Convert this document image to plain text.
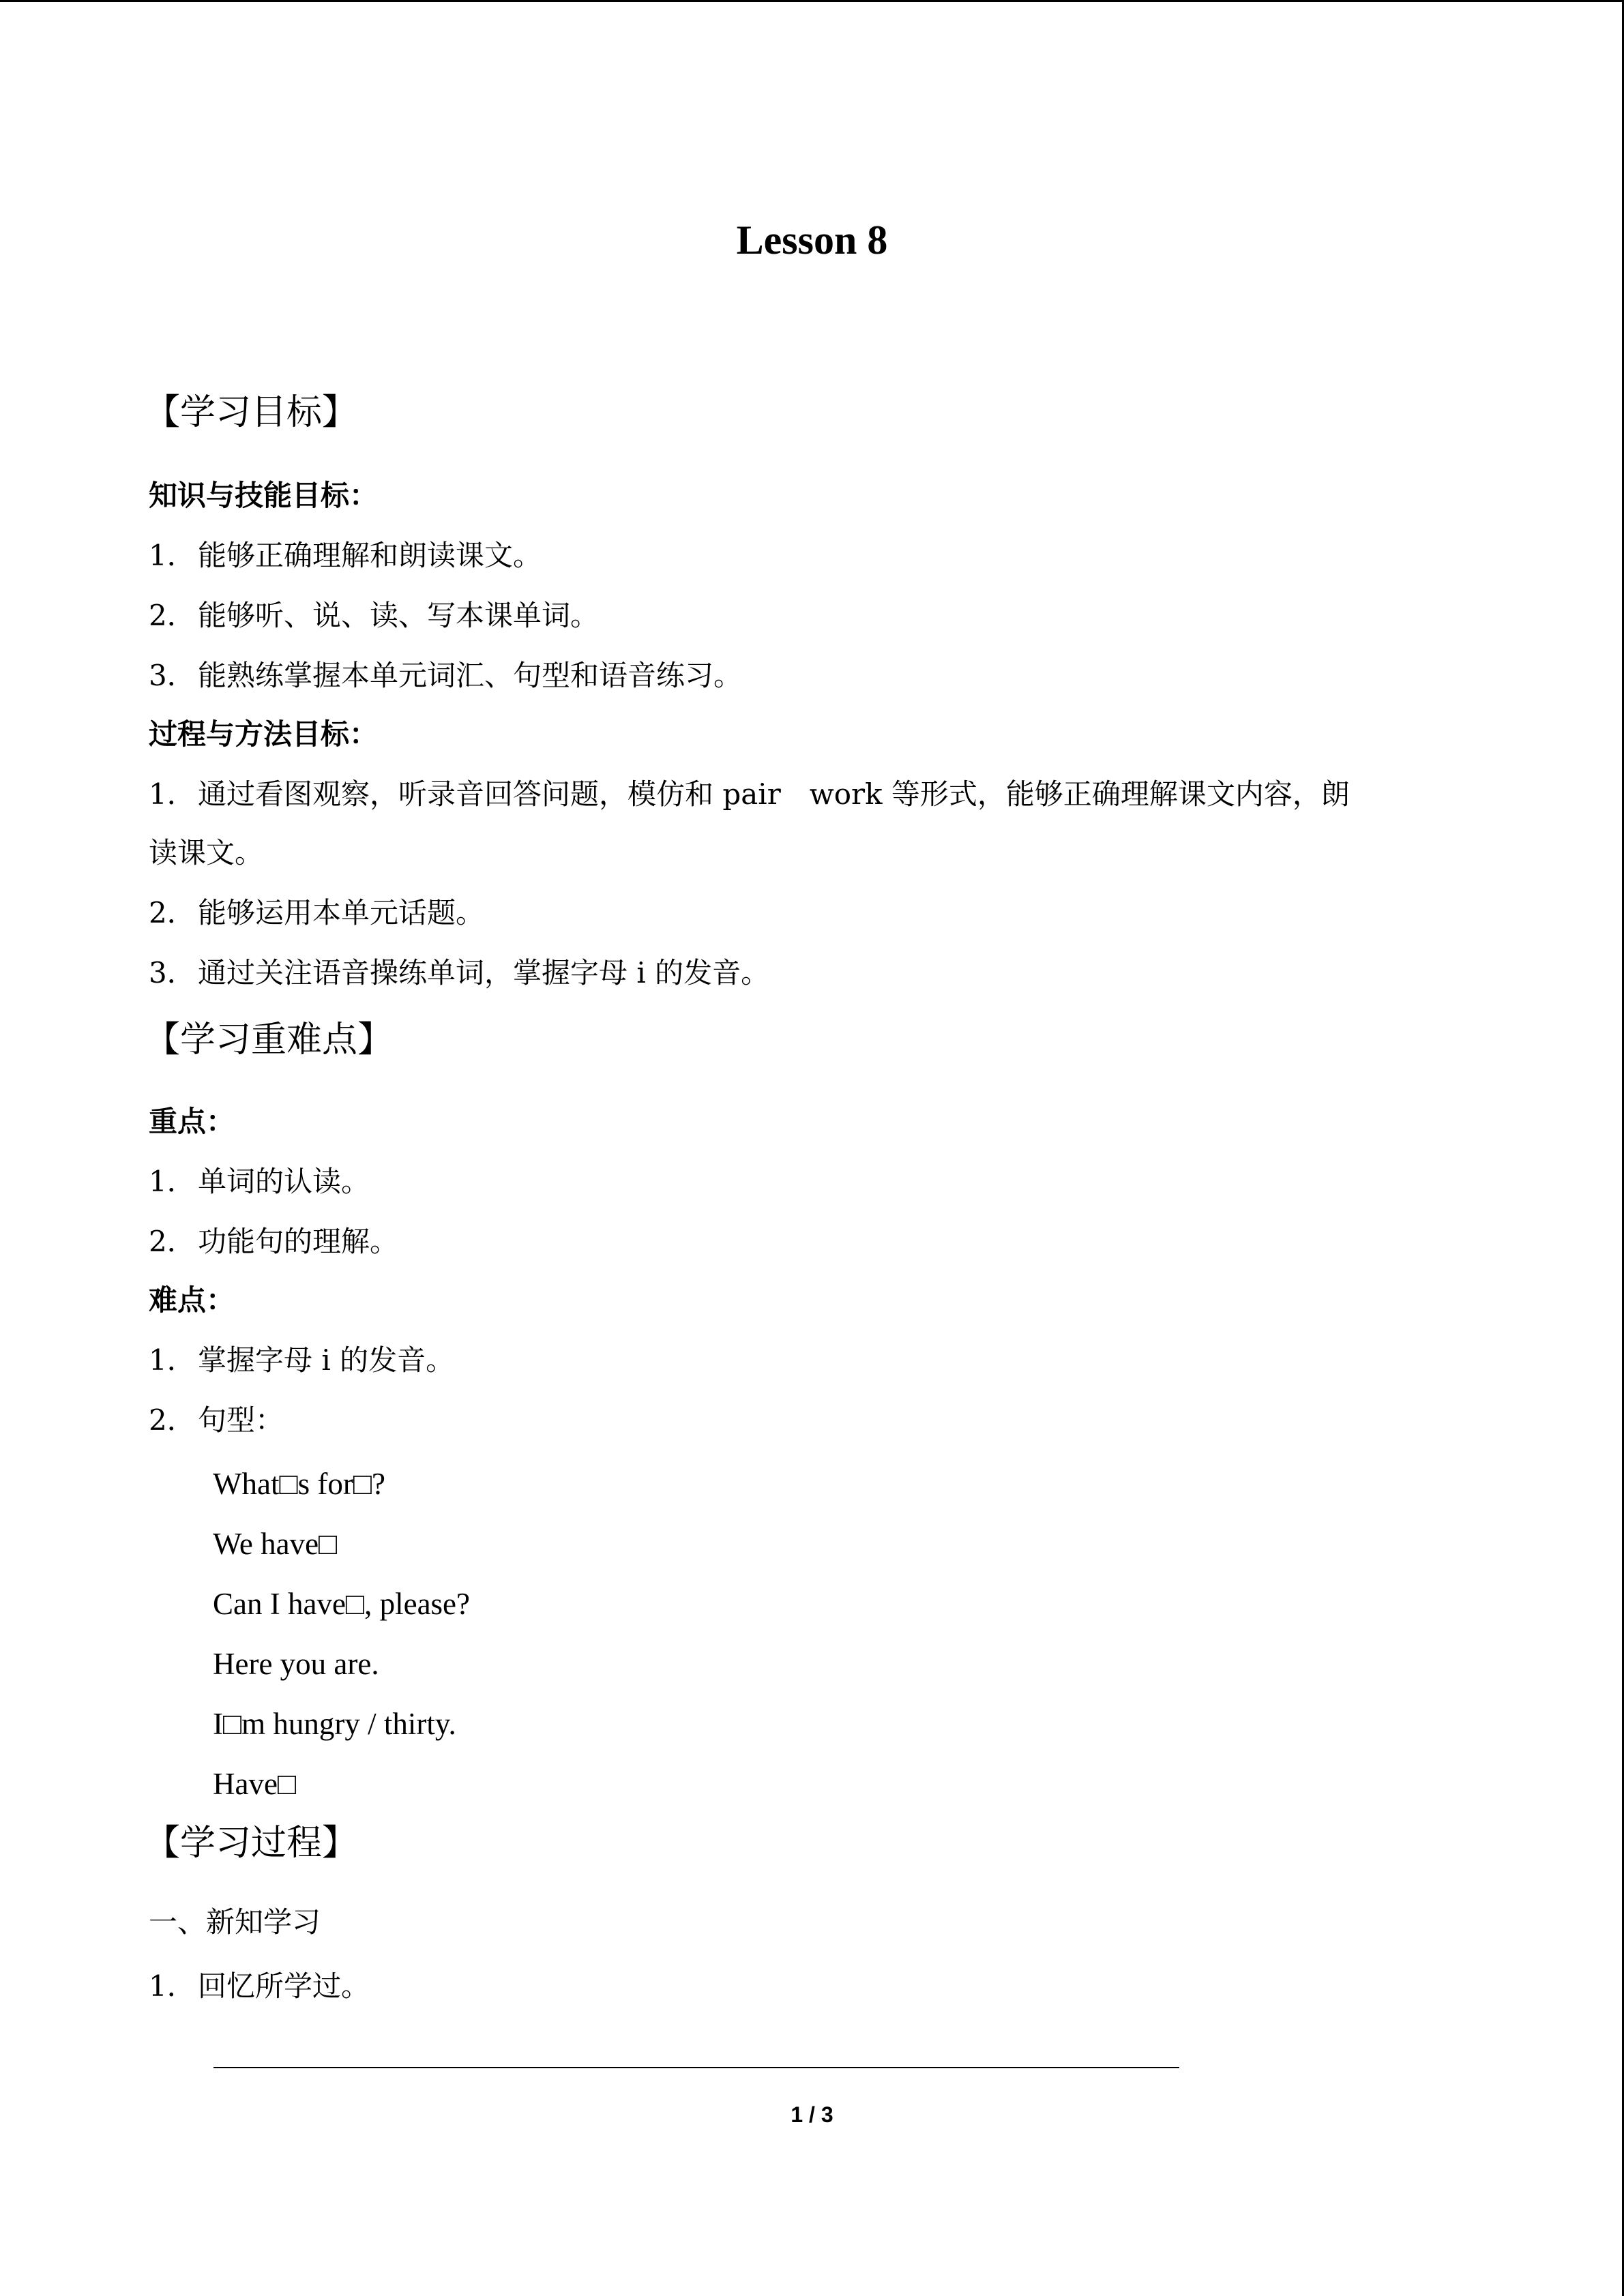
Lesson 8
【学习目标】
知识与技能目标：
1．能够正确理解和朗读课文。
2．能够听、说、读、写本课单词。
3．能熟练掌握本单元词汇、句型和语音练习。
过程与方法目标：
1．通过看图观察，听录音回答问题，模仿和 pair　work 等形式，能够正确理解课文内容，朗
读课文。
2．能够运用本单元话题。
3．通过关注语音操练单词，掌握字母 i 的发音。
【学习重难点】
重点：
1．单词的认读。
2．功能句的理解。
难点：
1．掌握字母 i 的发音。
2．句型：
What□s for□?
We have□
Can I have□, please?
Here you are.
I□m hungry / thirty.
Have□
【学习过程】
一、新知学习
1．回忆所学过。
1 / 3
